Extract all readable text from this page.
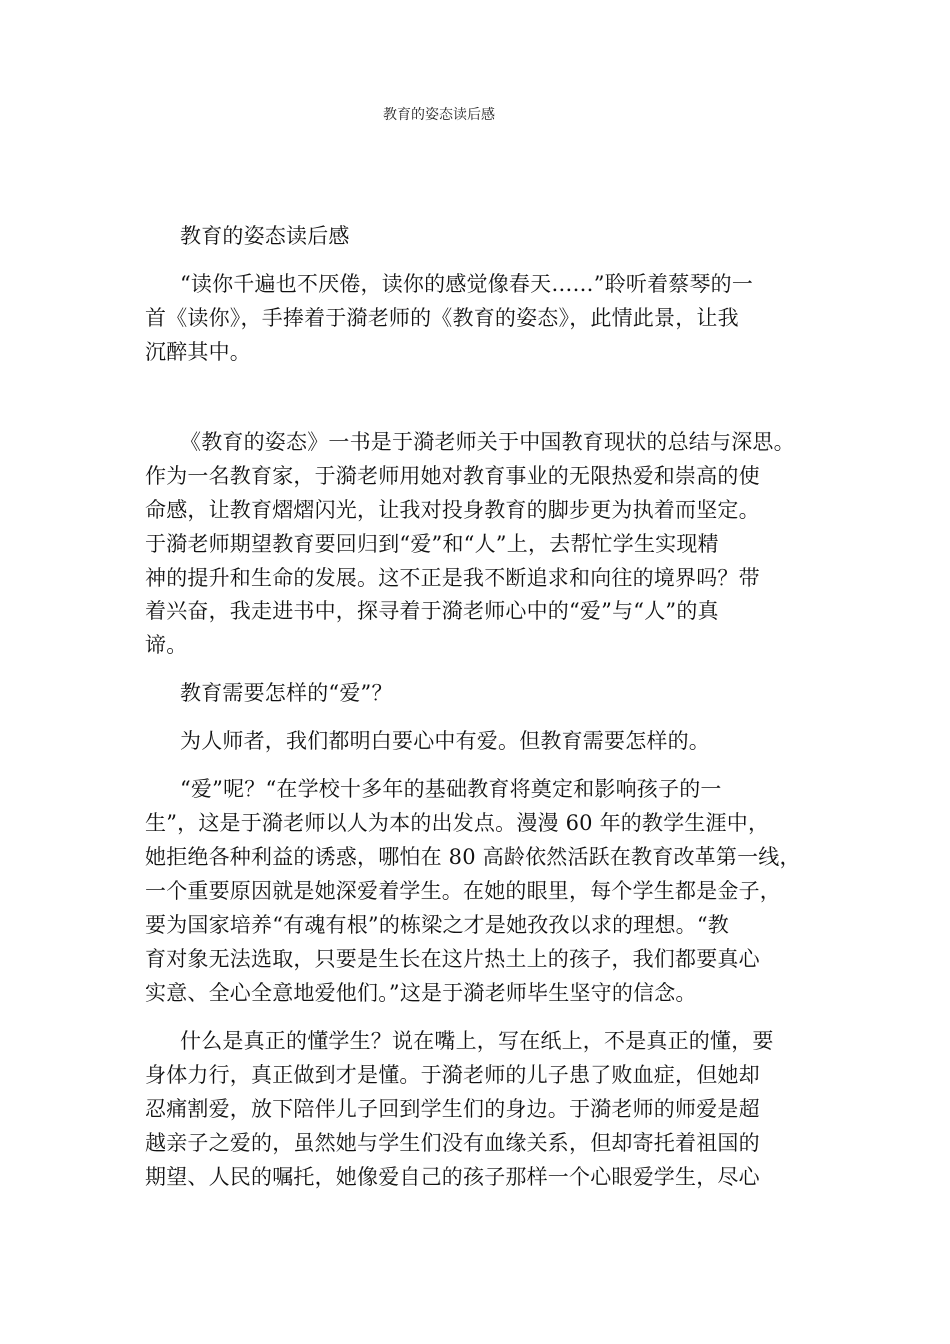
教育的姿态读后感
教育的姿态读后感
“读你千遍也不厌倦，读你的感觉像春天……”聆听着蔡琴的一
首《读你》，手捧着于漪老师的《教育的姿态》，此情此景，让我
沉醉其中。
《教育的姿态》一书是于漪老师关于中国教育现状的总结与深思。
作为一名教育家，于漪老师用她对教育事业的无限热爱和崇高的使
命感，让教育熠熠闪光，让我对投身教育的脚步更为执着而坚定。
于漪老师期望教育要回归到“爱”和“人”上，去帮忙学生实现精
神的提升和生命的发展。这不正是我不断追求和向往的境界吗？带
着兴奋，我走进书中，探寻着于漪老师心中的“爱”与“人”的真
谛。
教育需要怎样的“爱”？
为人师者，我们都明白要心中有爱。但教育需要怎样的。
“爱”呢？“在学校十多年的基础教育将奠定和影响孩子的一
生”，这是于漪老师以人为本的出发点。漫漫 60 年的教学生涯中，
她拒绝各种利益的诱惑，哪怕在 80 高龄依然活跃在教育改革第一线，
一个重要原因就是她深爱着学生。在她的眼里，每个学生都是金子，
要为国家培养“有魂有根”的栋梁之才是她孜孜以求的理想。“教
育对象无法选取，只要是生长在这片热土上的孩子，我们都要真心
实意、全心全意地爱他们。”这是于漪老师毕生坚守的信念。
什么是真正的懂学生？说在嘴上，写在纸上，不是真正的懂，要
身体力行，真正做到才是懂。于漪老师的儿子患了败血症，但她却
忍痛割爱，放下陪伴儿子回到学生们的身边。于漪老师的师爱是超
越亲子之爱的，虽然她与学生们没有血缘关系，但却寄托着祖国的
期望、人民的嘱托，她像爱自己的孩子那样一个心眼爱学生，尽心
